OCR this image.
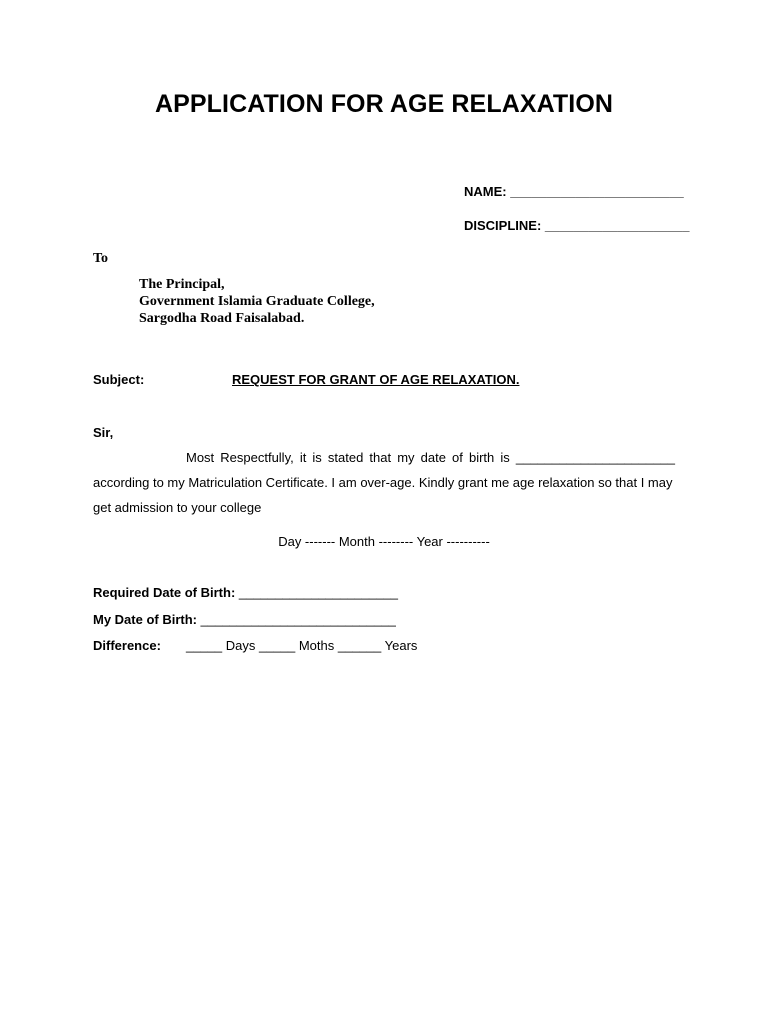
APPLICATION FOR AGE RELAXATION
NAME: ________________________
DISCIPLINE: ____________________
To
The Principal,
Government Islamia Graduate College,
Sargodha Road Faisalabad.
Subject:	REQUEST FOR GRANT OF AGE RELAXATION.
Sir,
Most Respectfully, it is stated that my date of birth is ______________________
according to my Matriculation Certificate. I am over-age. Kindly grant me age relaxation so that I may
get admission to your college
Day ------- Month -------- Year ----------
Required Date of Birth: ______________________
My Date of Birth: ___________________________
Difference: _____ Days _____ Moths ______ Years
